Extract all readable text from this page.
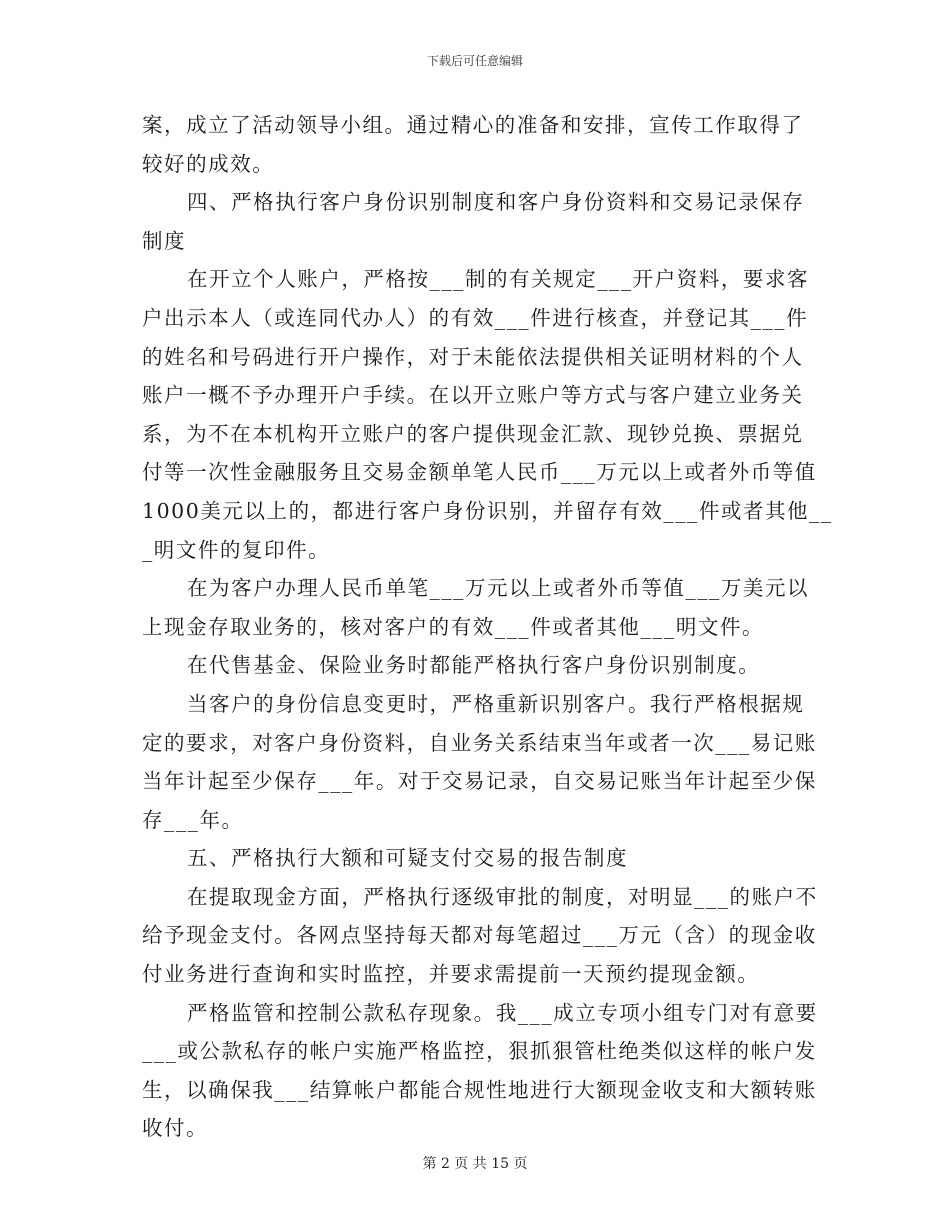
下载后可任意编辑
案，成立了活动领导小组。通过精心的准备和安排，宣传工作取得了
较好的成效。
四、严格执行客户身份识别制度和客户身份资料和交易记录保存
制度
在开立个人账户，严格按___制的有关规定___开户资料，要求客
户出示本人（或连同代办人）的有效___件进行核查，并登记其___件
的姓名和号码进行开户操作，对于未能依法提供相关证明材料的个人
账户一概不予办理开户手续。在以开立账户等方式与客户建立业务关
系，为不在本机构开立账户的客户提供现金汇款、现钞兑换、票据兑
付等一次性金融服务且交易金额单笔人民币___万元以上或者外币等值
1000美元以上的，都进行客户身份识别，并留存有效___件或者其他__
_明文件的复印件。
在为客户办理人民币单笔___万元以上或者外币等值___万美元以
上现金存取业务的，核对客户的有效___件或者其他___明文件。
在代售基金、保险业务时都能严格执行客户身份识别制度。
当客户的身份信息变更时，严格重新识别客户。我行严格根据规
定的要求，对客户身份资料，自业务关系结束当年或者一次___易记账
当年计起至少保存___年。对于交易记录，自交易记账当年计起至少保
存___年。
五、严格执行大额和可疑支付交易的报告制度
在提取现金方面，严格执行逐级审批的制度，对明显___的账户不
给予现金支付。各网点坚持每天都对每笔超过___万元（含）的现金收
付业务进行查询和实时监控，并要求需提前一天预约提现金额。
严格监管和控制公款私存现象。我___成立专项小组专门对有意要
___或公款私存的帐户实施严格监控，狠抓狠管杜绝类似这样的帐户发
生，以确保我___结算帐户都能合规性地进行大额现金收支和大额转账
收付。
第 2 页 共 15 页
